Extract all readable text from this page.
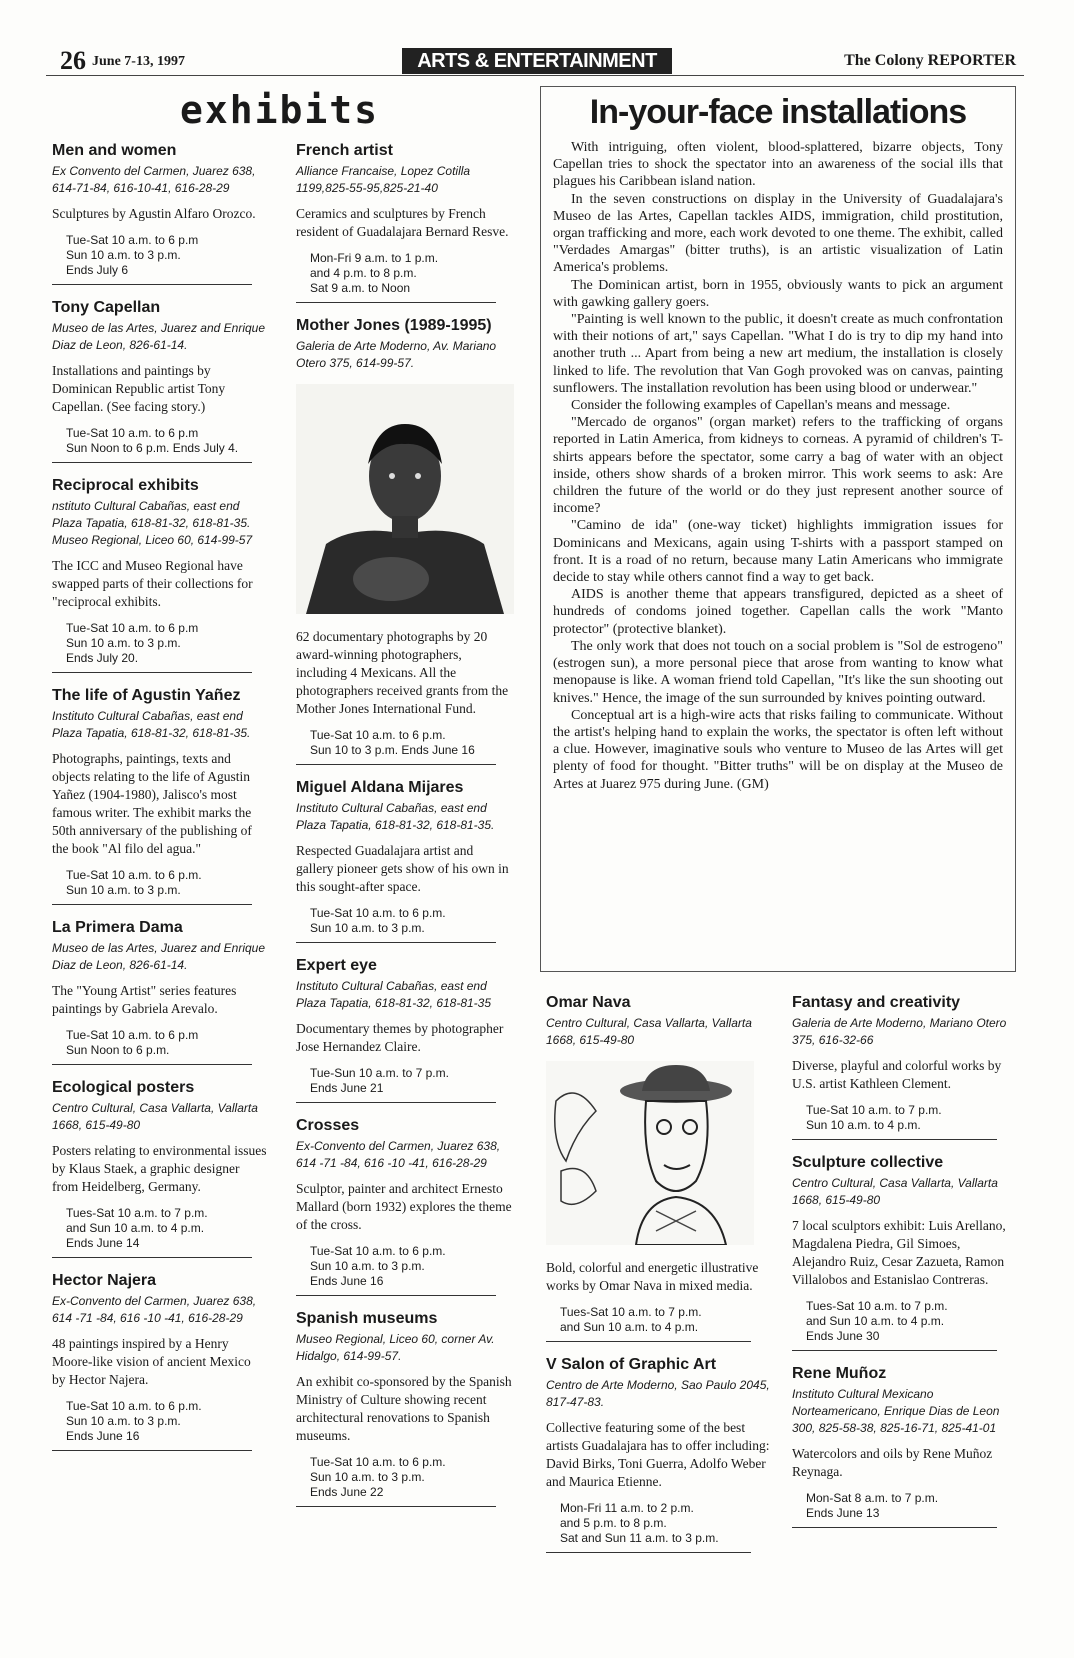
26 June 7-13, 1997	ARTS & ENTERTAINMENT	The Colony REPORTER
exhibits
Men and women
Ex Convento del Carmen, Juarez 638, 614-71-84, 616-10-41, 616-28-29
Sculptures by Agustin Alfaro Orozco.
Tue-Sat 10 a.m. to 6 p.m
Sun 10 a.m. to 3 p.m.
Ends July 6
Tony Capellan
Museo de las Artes, Juarez and Enrique Diaz de Leon, 826-61-14.
Installations and paintings by Dominican Republic artist Tony Capellan. (See facing story.)
Tue-Sat 10 a.m. to 6 p.m
Sun Noon to 6 p.m. Ends July 4.
Reciprocal exhibits
nstituto Cultural Cabañas, east end Plaza Tapatia, 618-81-32, 618-81-35. Museo Regional, Liceo 60, 614-99-57
The ICC and Museo Regional have swapped parts of their collections for "reciprocal exhibits.
Tue-Sat 10 a.m. to 6 p.m
Sun 10 a.m. to 3 p.m.
Ends July 20.
The life of Agustin Yañez
Instituto Cultural Cabañas, east end Plaza Tapatia, 618-81-32, 618-81-35.
Photographs, paintings, texts and objects relating to the life of Agustin Yañez (1904-1980), Jalisco's most famous writer. The exhibit marks the 50th anniversary of the publishing of the book "Al filo del agua."
Tue-Sat 10 a.m. to 6 p.m.
Sun 10 a.m. to 3 p.m.
La Primera Dama
Museo de las Artes, Juarez and Enrique Diaz de Leon, 826-61-14.
The "Young Artist" series features paintings by Gabriela Arevalo.
Tue-Sat 10 a.m. to 6 p.m
Sun Noon to 6 p.m.
Ecological posters
Centro Cultural, Casa Vallarta, Vallarta 1668, 615-49-80
Posters relating to environmental issues by Klaus Staek, a graphic designer from Heidelberg, Germany.
Tues-Sat 10 a.m. to 7 p.m.
and Sun 10 a.m. to 4 p.m.
Ends June 14
Hector Najera
Ex-Convento del Carmen, Juarez 638, 614 -71 -84, 616 -10 -41, 616-28-29
48 paintings inspired by a Henry Moore-like vision of ancient Mexico by Hector Najera.
Tue-Sat 10 a.m. to 6 p.m.
Sun 10 a.m. to 3 p.m.
Ends June 16
French artist
Alliance Francaise, Lopez Cotilla 1199,825-55-95,825-21-40
Ceramics and sculptures by French resident of Guadalajara Bernard Resve.
Mon-Fri 9 a.m. to 1 p.m.
and 4 p.m. to 8 p.m.
Sat 9 a.m. to Noon
Mother Jones (1989-1995)
Galeria de Arte Moderno, Av. Mariano Otero 375, 614-99-57.
62 documentary photographs by 20 award-winning photographers, including 4 Mexicans. All the photographers received grants from the Mother Jones International Fund.
Tue-Sat 10 a.m. to 6 p.m.
Sun 10 to 3 p.m. Ends June 16
Miguel Aldana Mijares
Instituto Cultural Cabañas, east end Plaza Tapatia, 618-81-32, 618-81-35.
Respected Guadalajara artist and gallery pioneer gets show of his own in this sought-after space.
Tue-Sat 10 a.m. to 6 p.m.
Sun 10 a.m. to 3 p.m.
Expert eye
Instituto Cultural Cabañas, east end Plaza Tapatia, 618-81-32, 618-81-35
Documentary themes by photographer Jose Hernandez Claire.
Tue-Sun 10 a.m. to 7 p.m.
Ends June 21
Crosses
Ex-Convento del Carmen, Juarez 638, 614 -71 -84, 616 -10 -41, 616-28-29
Sculptor, painter and architect Ernesto Mallard (born 1932) explores the theme of the cross.
Tue-Sat 10 a.m. to 6 p.m.
Sun 10 a.m. to 3 p.m.
Ends June 16
Spanish museums
Museo Regional, Liceo 60, corner Av. Hidalgo, 614-99-57.
An exhibit co-sponsored by the Spanish Ministry of Culture showing recent architectural renovations to Spanish museums.
Tue-Sat 10 a.m. to 6 p.m.
Sun 10 a.m. to 3 p.m.
Ends June 22
In-your-face installations

With intriguing, often violent, blood-splattered, bizarre objects, Tony Capellan tries to shock the spectator into an awareness of the social ills that plagues his Caribbean island nation.

In the seven constructions on display in the University of Guadalajara's Museo de las Artes, Capellan tackles AIDS, immigration, child prostitution, organ trafficking and more, each work devoted to one theme. The exhibit, called "Verdades Amargas" (bitter truths), is an artistic visualization of Latin America's problems.

The Dominican artist, born in 1955, obviously wants to pick an argument with gawking gallery goers.

"Painting is well known to the public, it doesn't create as much confrontation with their notions of art," says Capellan. "What I do is try to dip my hand into another truth ... Apart from being a new art medium, the installation is closely linked to life. The revolution that Van Gogh provoked was on canvas, painting sunflowers. The installation revolution has been using blood or underwear."

Consider the following examples of Capellan's means and message.

"Mercado de organos" (organ market) refers to the trafficking of organs reported in Latin America, from kidneys to corneas. A pyramid of children's T-shirts appears before the spectator, some carry a bag of water with an object inside, others show shards of a broken mirror. This work seems to ask: Are children the future of the world or do they just represent another source of income?

"Camino de ida" (one-way ticket) highlights immigration issues for Dominicans and Mexicans, again using T-shirts with a passport stamped on front. It is a road of no return, because many Latin Americans who immigrate decide to stay while others cannot find a way to get back.

AIDS is another theme that appears transfigured, depicted as a sheet of hundreds of condoms joined together. Capellan calls the work "Manto protector" (protective blanket).

The only work that does not touch on a social problem is "Sol de estrogeno" (estrogen sun), a more personal piece that arose from wanting to know what menopause is like. A woman friend told Capellan, "It's like the sun shooting out knives." Hence, the image of the sun surrounded by knives pointing outward.

Conceptual art is a high-wire acts that risks failing to communicate. Without the artist's helping hand to explain the works, the spectator is often left without a clue. However, imaginative souls who venture to Museo de las Artes will get plenty of food for thought. "Bitter truths" will be on display at the Museo de Artes at Juarez 975 during June. (GM)

Omar Nava
Centro Cultural, Casa Vallarta, Vallarta 1668, 615-49-80
Bold, colorful and energetic illustrative works by Omar Nava in mixed media.
Tues-Sat 10 a.m. to 7 p.m.
and Sun 10 a.m. to 4 p.m.
V Salon of Graphic Art
Centro de Arte Moderno, Sao Paulo 2045, 817-47-83.
Collective featuring some of the best artists Guadalajara has to offer including: David Birks, Toni Guerra, Adolfo Weber and Maurica Etienne.
Mon-Fri 11 a.m. to 2 p.m.
and 5 p.m. to 8 p.m.
Sat and Sun 11 a.m. to 3 p.m.
Fantasy and creativity
Galeria de Arte Moderno, Mariano Otero 375, 616-32-66
Diverse, playful and colorful works by U.S. artist Kathleen Clement.
Tue-Sat 10 a.m. to 7 p.m.
Sun 10 a.m. to 4 p.m.
Sculpture collective
Centro Cultural, Casa Vallarta, Vallarta 1668, 615-49-80
7 local sculptors exhibit: Luis Arellano, Magdalena Piedra, Gil Simoes, Alejandro Ruiz, Cesar Zazueta, Ramon Villalobos and Estanislao Contreras.
Tues-Sat 10 a.m. to 7 p.m.
and Sun 10 a.m. to 4 p.m.
Ends June 30
Rene Muñoz
Instituto Cultural Mexicano Norteamericano, Enrique Dias de Leon 300, 825-58-38, 825-16-71, 825-41-01
Watercolors and oils by Rene Muñoz Reynaga.
Mon-Sat 8 a.m. to 7 p.m.
Ends June 13
